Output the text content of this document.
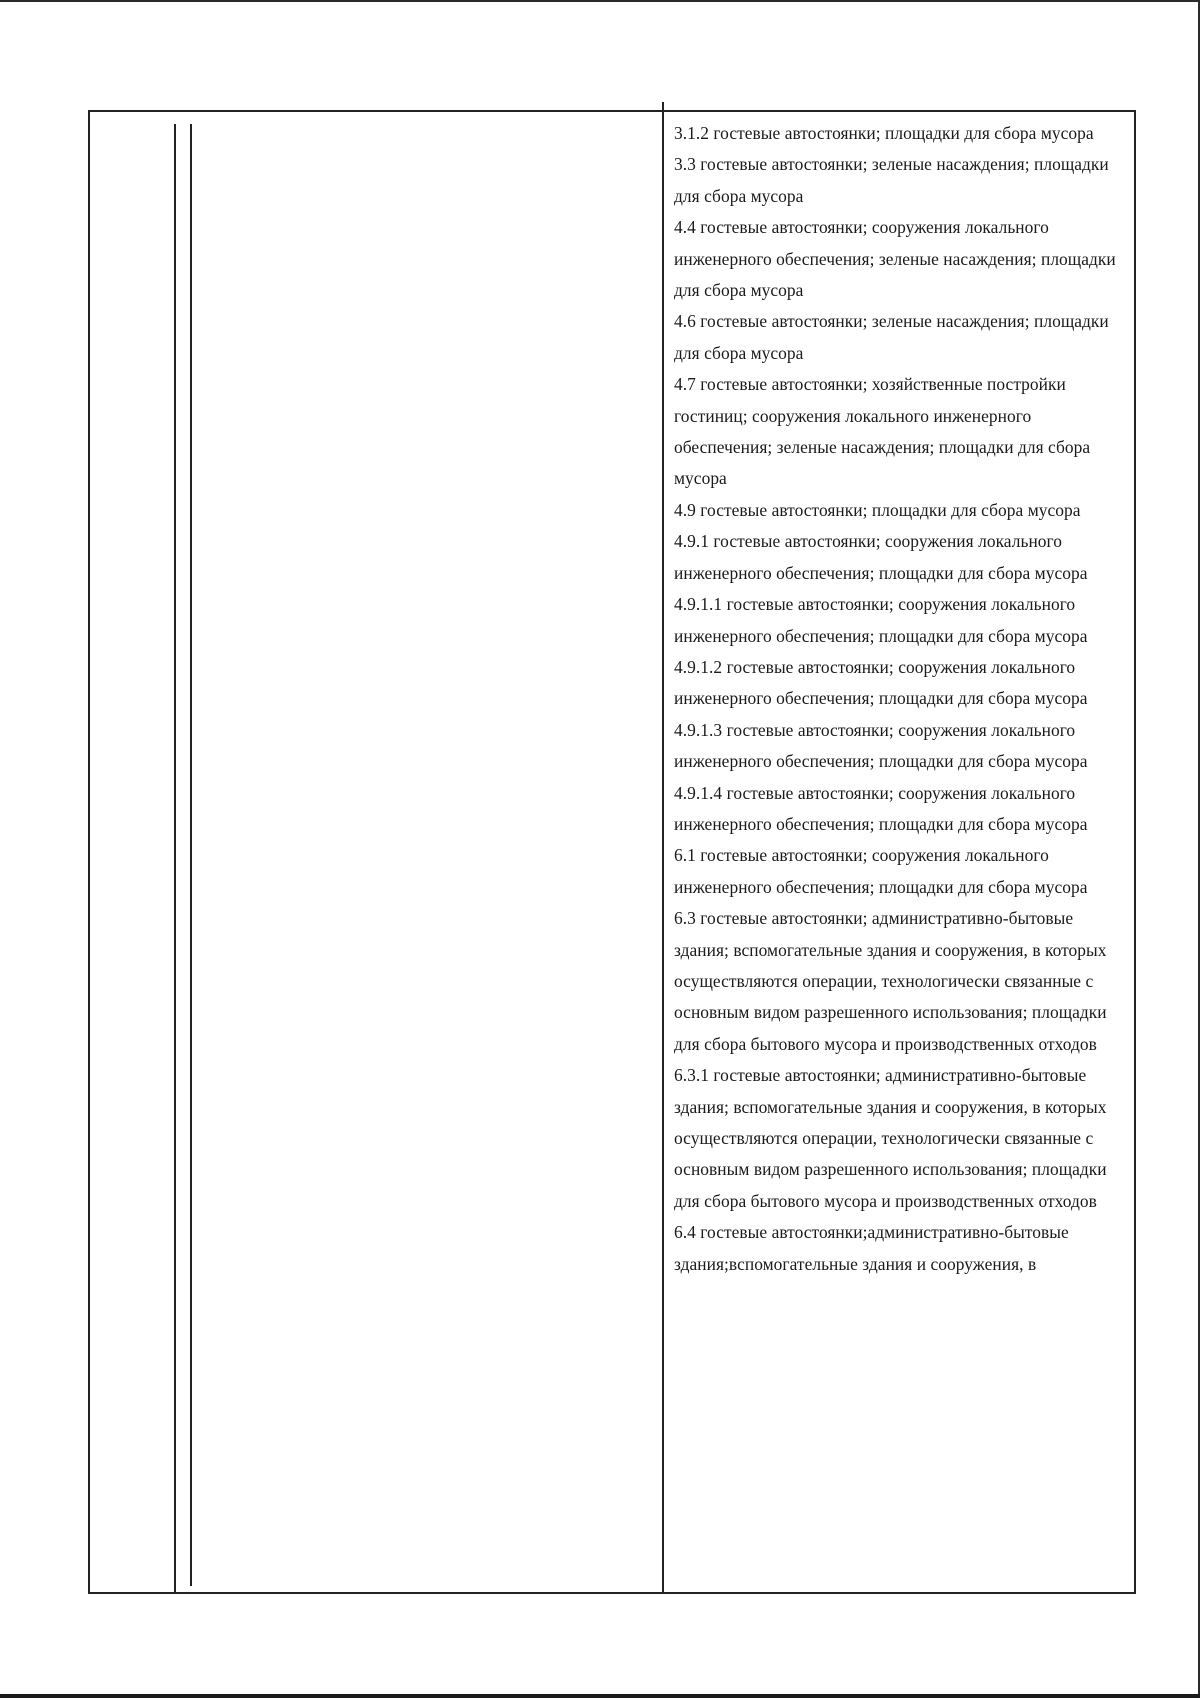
3.1.2 гостевые автостоянки; площадки для сбора мусора

3.3 гостевые автостоянки; зеленые насаждения; площадки для сбора мусора

4.4 гостевые автостоянки; сооружения локального инженерного обеспечения; зеленые насаждения; площадки для сбора мусора

4.6 гостевые автостоянки; зеленые насаждения; площадки для сбора мусора

4.7 гостевые автостоянки; хозяйственные постройки гостиниц; сооружения локального инженерного обеспечения; зеленые насаждения; площадки для сбора мусора

4.9 гостевые автостоянки; площадки для сбора мусора

4.9.1 гостевые автостоянки; сооружения локального инженерного обеспечения; площадки для сбора мусора

4.9.1.1 гостевые автостоянки; сооружения локального инженерного обеспечения; площадки для сбора мусора

4.9.1.2 гостевые автостоянки; сооружения локального инженерного обеспечения; площадки для сбора мусора

4.9.1.3 гостевые автостоянки; сооружения локального инженерного обеспечения; площадки для сбора мусора

4.9.1.4 гостевые автостоянки; сооружения локального инженерного обеспечения; площадки для сбора мусора

6.1 гостевые автостоянки; сооружения локального инженерного обеспечения; площадки для сбора мусора

6.3 гостевые автостоянки; административно-бытовые здания; вспомогательные здания и сооружения, в которых осуществляются операции, технологически связанные с основным видом разрешенного использования; площадки для сбора бытового мусора и производственных отходов

6.3.1 гостевые автостоянки; административно-бытовые здания; вспомогательные здания и сооружения, в которых осуществляются операции, технологически связанные с основным видом разрешенного использования; площадки для сбора бытового мусора и производственных отходов

6.4 гостевые автостоянки;административно-бытовые здания;вспомогательные здания и сооружения, в
